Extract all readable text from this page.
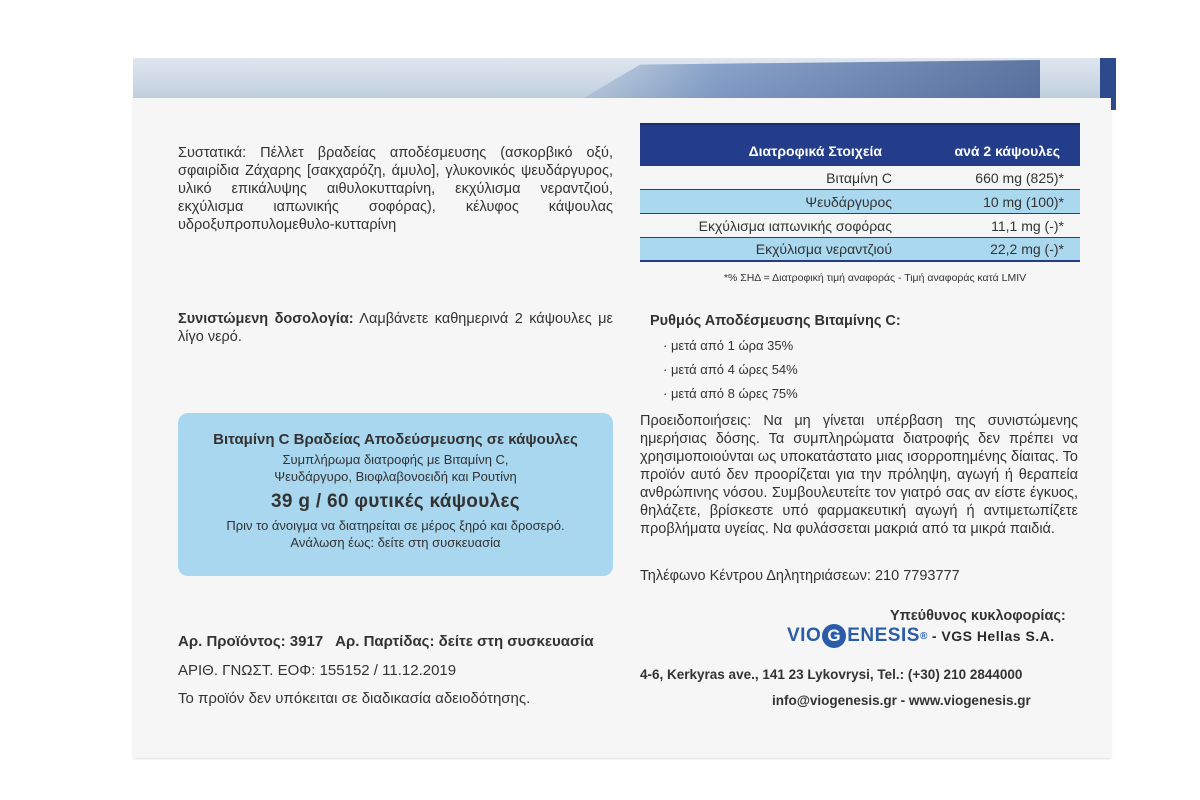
Συστατικά: Πέλλετ βραδείας αποδέσμευσης (ασκορβικό οξύ, σφαιρίδια Ζάχαρης [σακχαρόζη, άμυλο], γλυκονικός ψευδάργυρος, υλικό επικάλυψης αιθυλοκυτταρίνη, εκχύλισμα νεραντζιού, εκχύλισμα ιαπωνικής σοφόρας), κέλυφος κάψουλας υδροξυπροπυλομεθυλο-κυτταρίνη
Συνιστώμενη δοσολογία: Λαμβάνετε καθημερινά 2 κάψουλες με λίγο νερό.
Διατροφικά Στοιχεία	ανά 2 κάψουλες
Βιταμίνη C	660 mg (825)*
Ψευδάργυρος	10 mg (100)*
Εκχύλισμα ιαπωνικής σοφόρας	11,1 mg (-)*
Εκχύλισμα νεραντζιού	22,2 mg (-)*
*% ΣΗΔ = Διατροφική τιμή αναφοράς - Τιμή αναφοράς κατά LMIV
Ρυθμός Αποδέσμευσης Βιταμίνης C:
· μετά από 1 ώρα 35%
· μετά από 4 ώρες 54%
· μετά από 8 ώρες 75%
Βιταμίνη C Βραδείας Αποδεύσμευσης σε κάψουλες
Συμπλήρωμα διατροφής με Βιταμίνη C,
Ψευδάργυρο, Βιοφλαβονοειδή και Ρουτίνη
39 g / 60 φυτικές κάψουλες
Πριν το άνοιγμα να διατηρείται σε μέρος ξηρό και δροσερό.
Ανάλωση έως: δείτε στη συσκευασία
Προειδοποιήσεις: Να μη γίνεται υπέρβαση της συνιστώμενης ημερήσιας δόσης. Τα συμπληρώματα διατροφής δεν πρέπει να χρησιμοποιούνται ως υποκατάστατο μιας ισορροπημένης δίαιτας. Το προϊόν αυτό δεν προορίζεται για την πρόληψη, αγωγή ή θεραπεία ανθρώπινης νόσου. Συμβουλευτείτε τον γιατρό σας αν είστε έγκυος, θηλάζετε, βρίσκεστε υπό φαρμακευτική αγωγή ή αντιμετωπίζετε προβλήματα υγείας. Να φυλάσσεται μακριά από τα μικρά παιδιά.
Τηλέφωνο Κέντρου Δηλητηριάσεων: 210 7793777
Αρ. Προϊόντος: 3917 Αρ. Παρτίδας: δείτε στη συσκευασία
ΑΡΙΘ. ΓΝΩΣΤ. ΕΟΦ: 155152 / 11.12.2019
Το προϊόν δεν υπόκειται σε διαδικασία αδειοδότησης.
Υπεύθυνος κυκλοφορίας:
VIO G ENESIS ® - VGS Hellas S.A.
4-6, Kerkyras ave., 141 23 Lykovrysi, Tel.: (+30) 210 2844000
info@viogenesis.gr - www.viogenesis.gr
